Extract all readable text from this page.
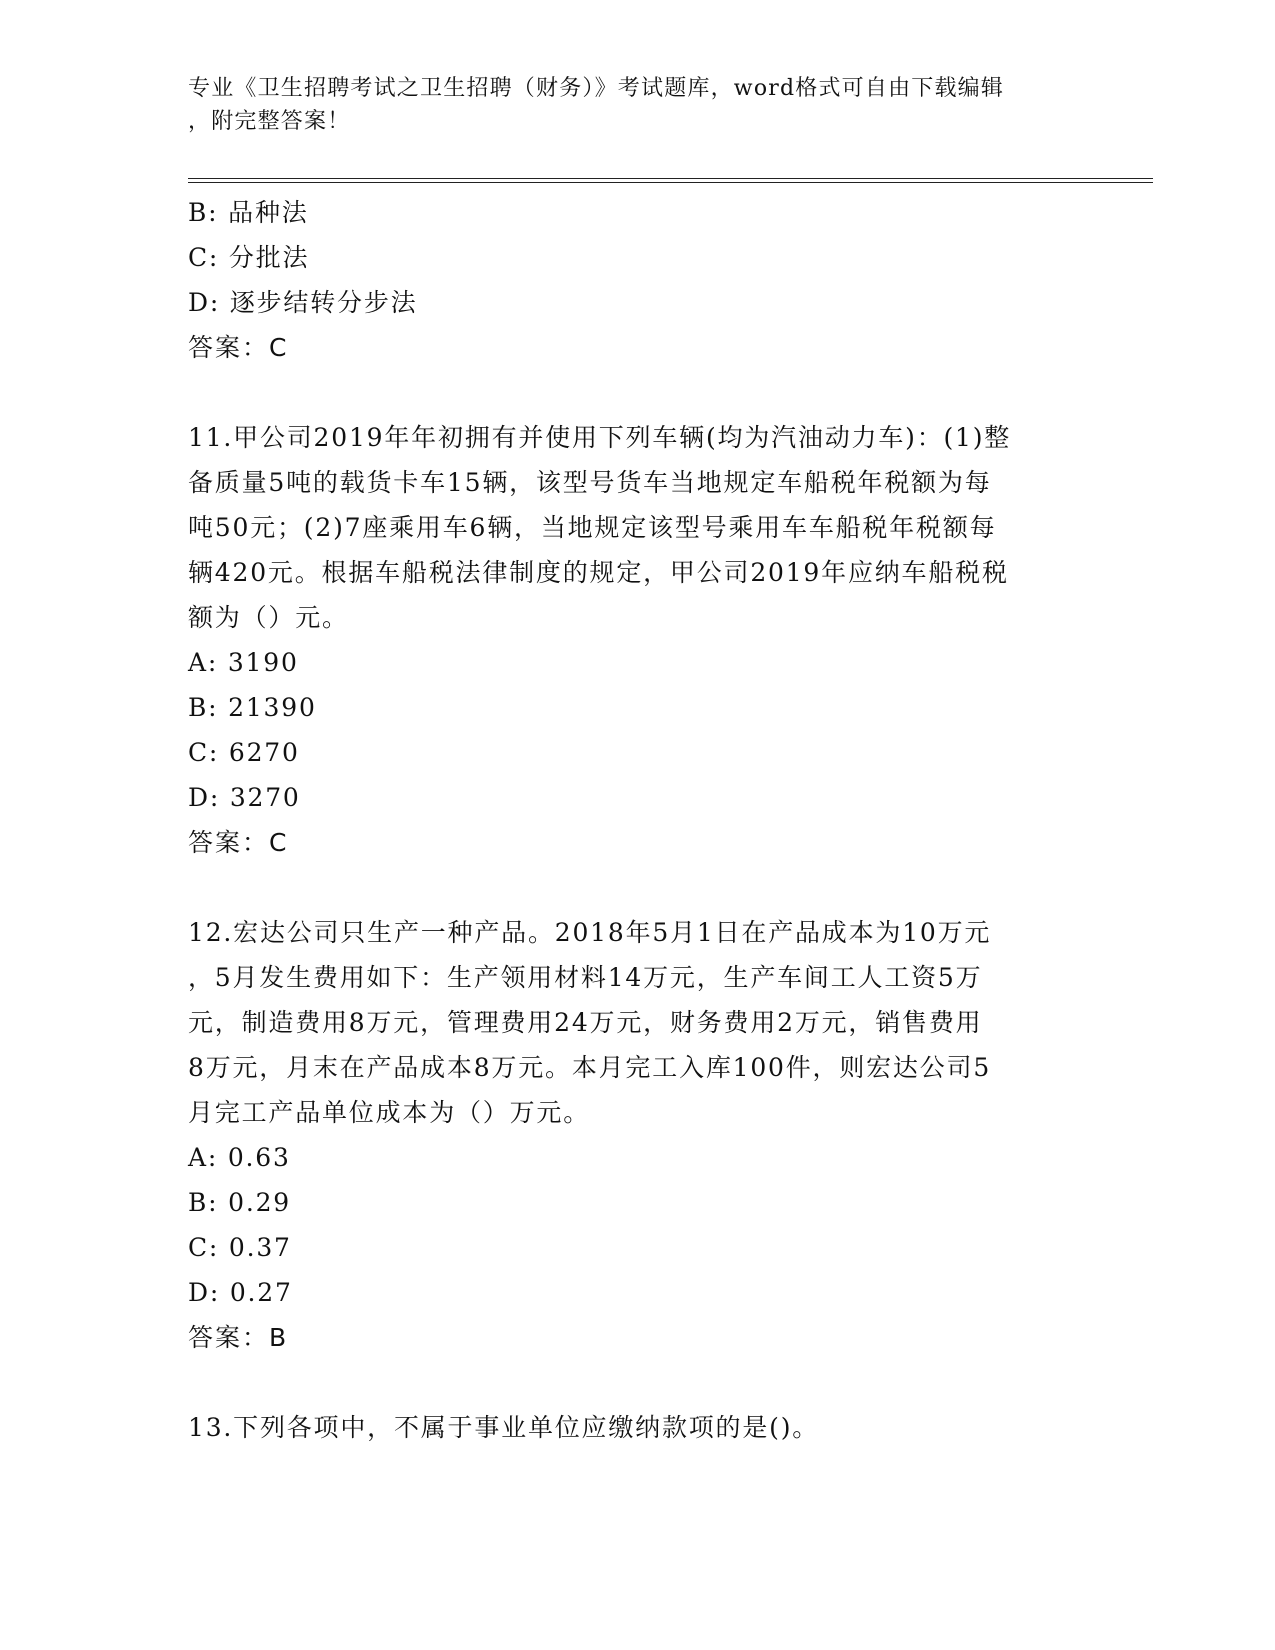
专业《卫生招聘考试之卫生招聘（财务）》考试题库，word格式可自由下载编辑
，附完整答案！
B: 品种法
C: 分批法
D: 逐步结转分步法
答案：C
11.甲公司2019年年初拥有并使用下列车辆(均为汽油动力车)：(1)整
备质量5吨的载货卡车15辆，该型号货车当地规定车船税年税额为每
吨50元；(2)7座乘用车6辆，当地规定该型号乘用车车船税年税额每
辆420元。根据车船税法律制度的规定，甲公司2019年应纳车船税税
额为（）元。
A: 3190
B: 21390
C: 6270
D: 3270
答案：C
12.宏达公司只生产一种产品。2018年5月1日在产品成本为10万元
，5月发生费用如下：生产领用材料14万元，生产车间工人工资5万
元，制造费用8万元，管理费用24万元，财务费用2万元，销售费用
8万元，月末在产品成本8万元。本月完工入库100件，则宏达公司5
月完工产品单位成本为（）万元。
A: 0.63
B: 0.29
C: 0.37
D: 0.27
答案：B
13.下列各项中，不属于事业单位应缴纳款项的是()。
